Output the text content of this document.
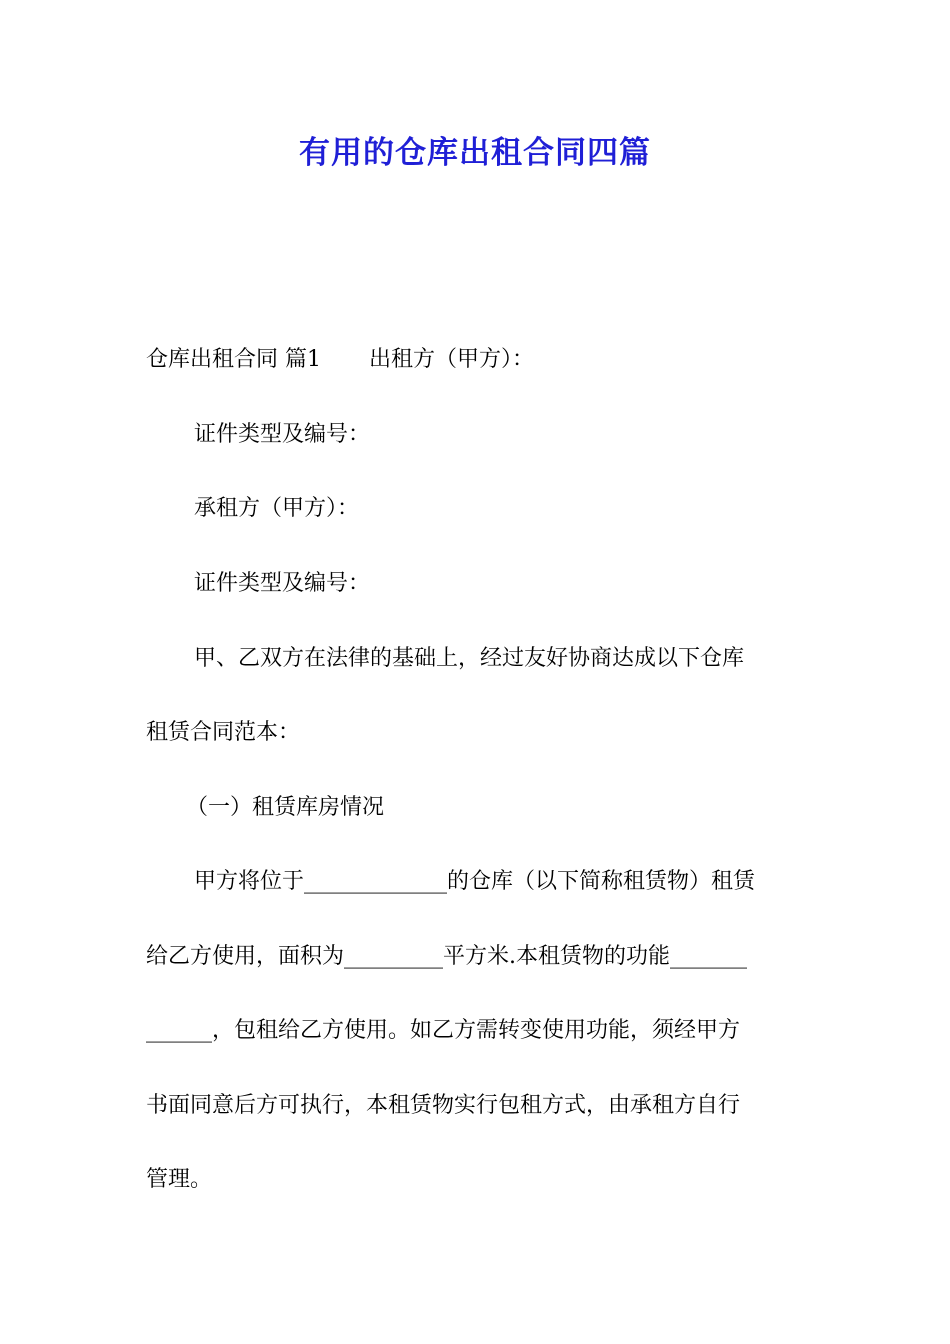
有用的仓库出租合同四篇
仓库出租合同 篇1 出租方（甲方）：
证件类型及编号：
承租方（甲方）：
证件类型及编号：
甲、乙双方在法律的基础上，经过友好协商达成以下仓库
租赁合同范本：
（一）租赁库房情况
甲方将位于_____________的仓库（以下简称租赁物）租赁
给乙方使用，面积为_________平方米.本租赁物的功能_______
______，包租给乙方使用。如乙方需转变使用功能，须经甲方
书面同意后方可执行，本租赁物实行包租方式，由承租方自行
管理。
